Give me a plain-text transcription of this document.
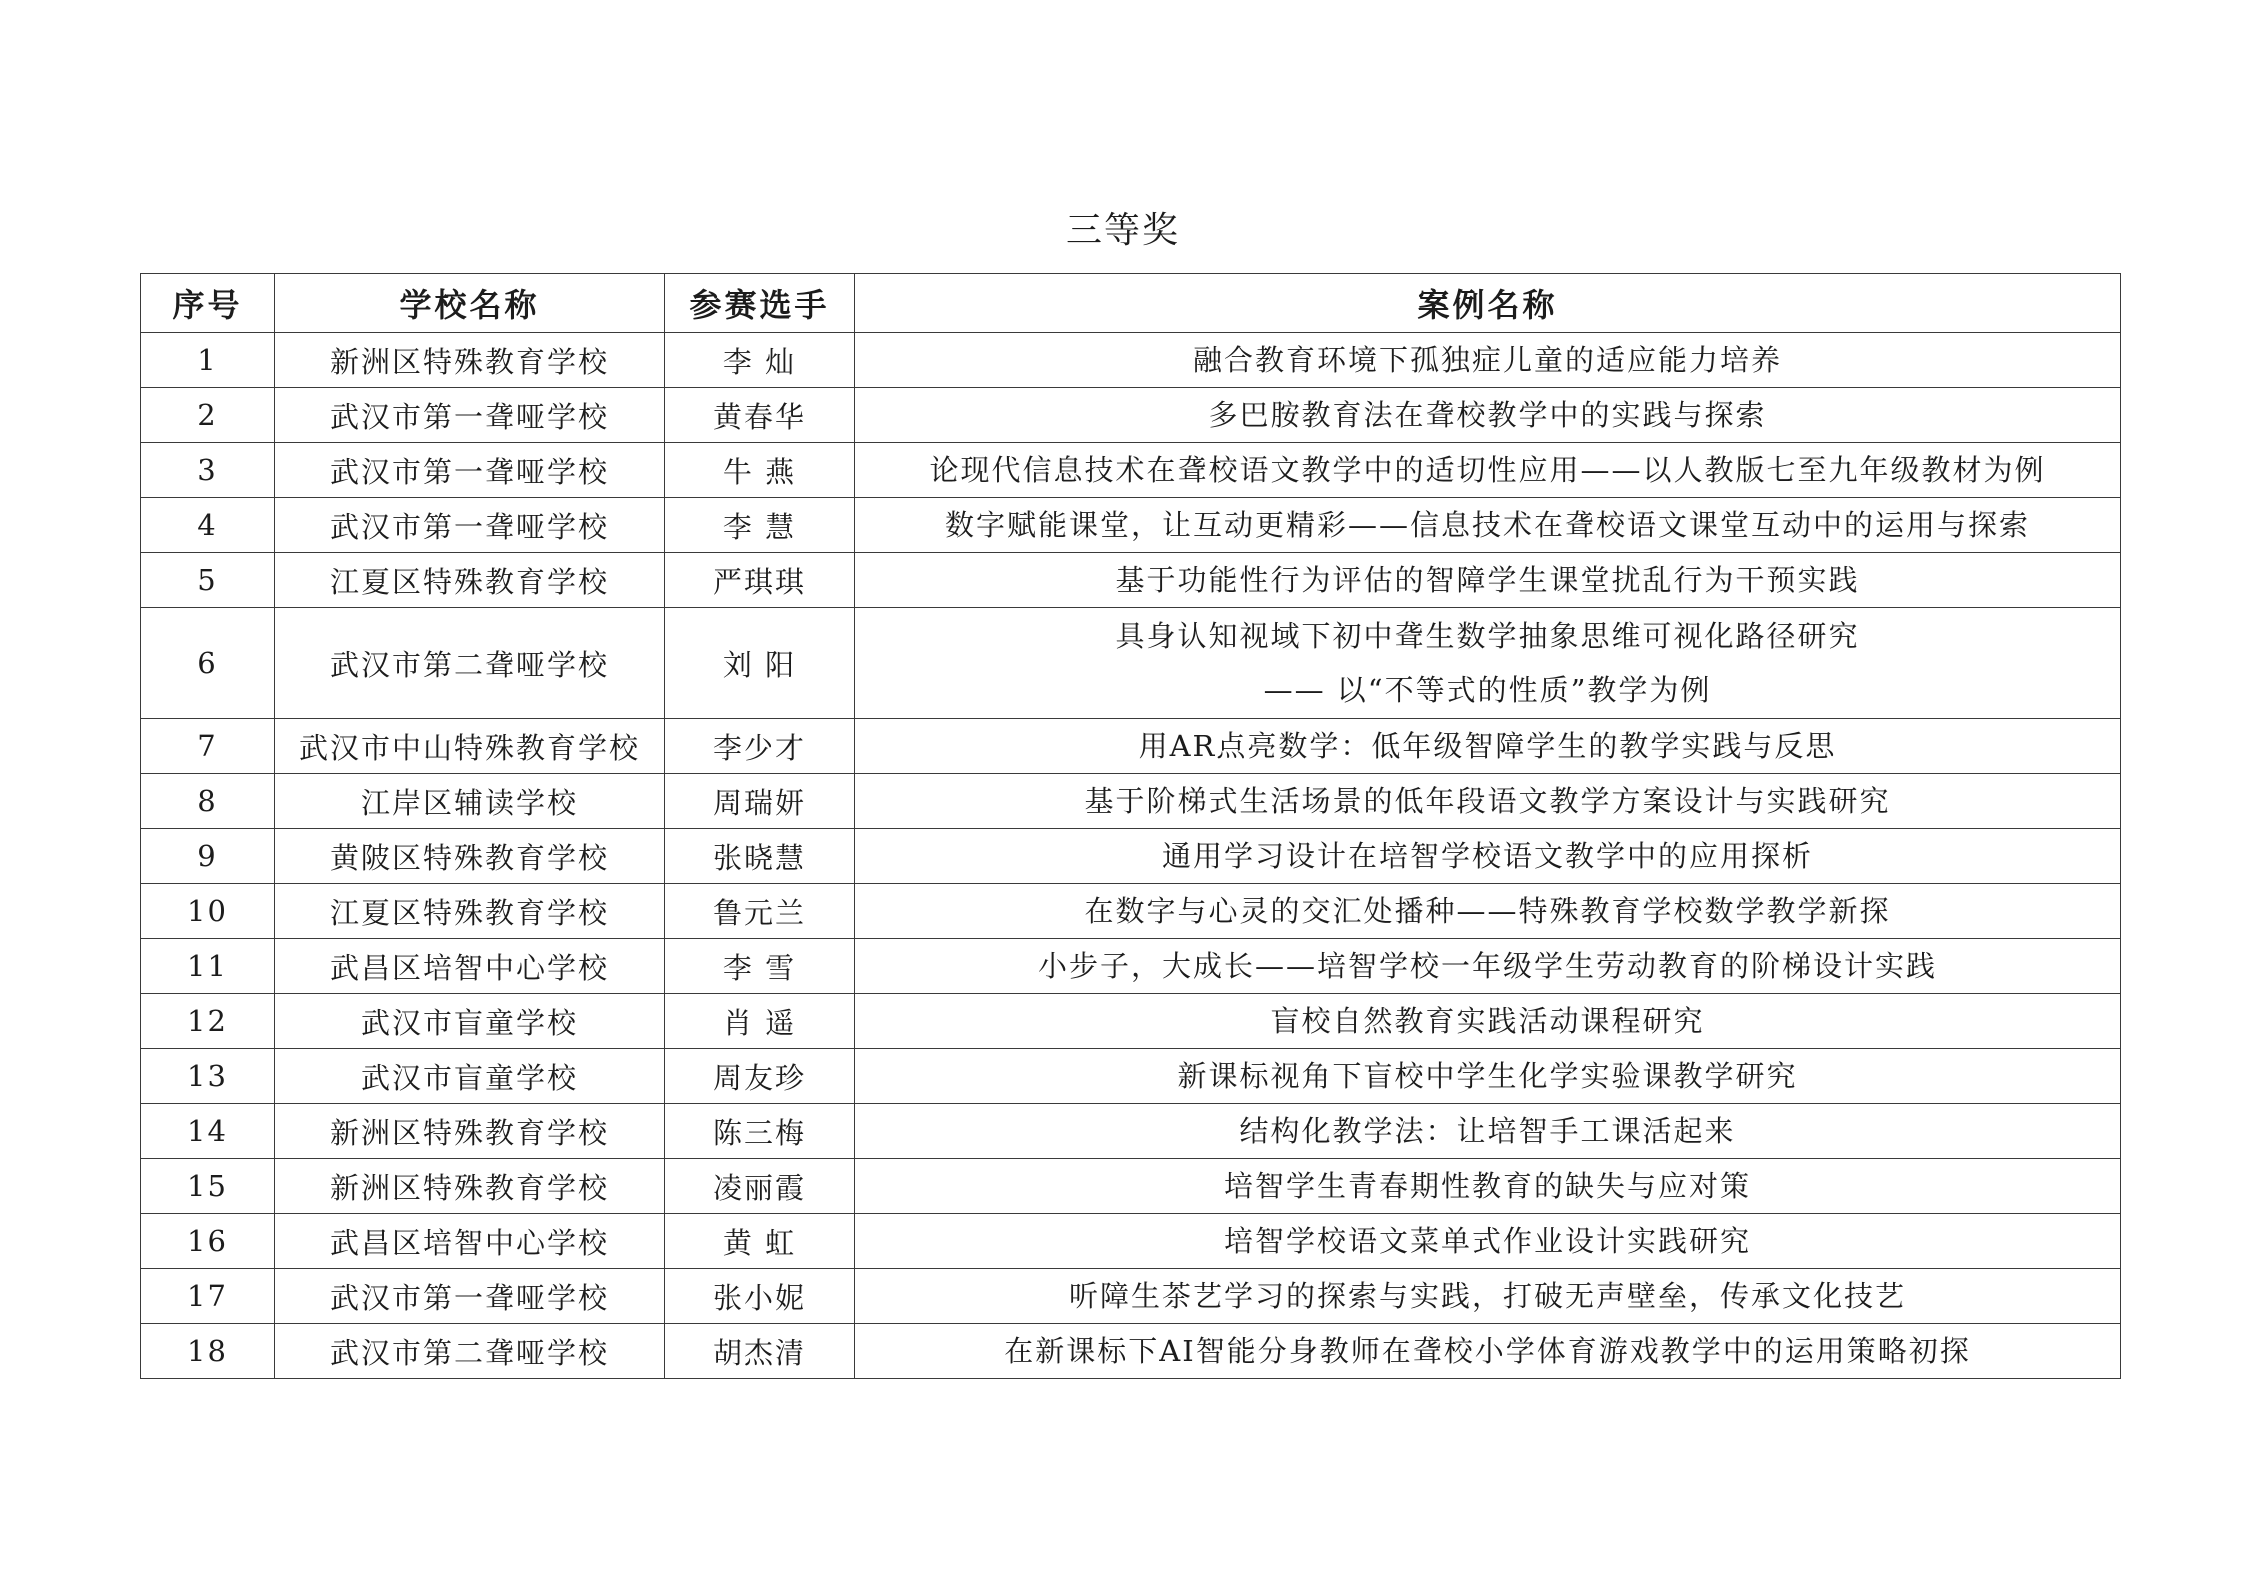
三等奖
序号	学校名称	参赛选手	案例名称
1	新洲区特殊教育学校	李 灿	融合教育环境下孤独症儿童的适应能力培养

2	武汉市第一聋哑学校	黄春华	多巴胺教育法在聋校教学中的实践与探索

3	武汉市第一聋哑学校	牛 燕	论现代信息技术在聋校语文教学中的适切性应用——以人教版七至九年级教材为例

4	武汉市第一聋哑学校	李 慧	数字赋能课堂，让互动更精彩——信息技术在聋校语文课堂互动中的运用与探索

5	江夏区特殊教育学校	严琪琪	基于功能性行为评估的智障学生课堂扰乱行为干预实践

6	武汉市第二聋哑学校	刘 阳	具身认知视域下初中聋生数学抽象思维可视化路径研究
—— 以“不等式的性质”教学为例

7	武汉市中山特殊教育学校	李少才	用AR点亮数学：低年级智障学生的教学实践与反思

8	江岸区辅读学校	周瑞妍	基于阶梯式生活场景的低年段语文教学方案设计与实践研究

9	黄陂区特殊教育学校	张晓慧	通用学习设计在培智学校语文教学中的应用探析

10	江夏区特殊教育学校	鲁元兰	在数字与心灵的交汇处播种——特殊教育学校数学教学新探

11	武昌区培智中心学校	李 雪	小步子，大成长——培智学校一年级学生劳动教育的阶梯设计实践

12	武汉市盲童学校	肖 遥	盲校自然教育实践活动课程研究

13	武汉市盲童学校	周友珍	新课标视角下盲校中学生化学实验课教学研究

14	新洲区特殊教育学校	陈三梅	结构化教学法：让培智手工课活起来

15	新洲区特殊教育学校	凌丽霞	培智学生青春期性教育的缺失与应对策

16	武昌区培智中心学校	黄 虹	培智学校语文菜单式作业设计实践研究

17	武汉市第一聋哑学校	张小妮	听障生茶艺学习的探索与实践，打破无声壁垒，传承文化技艺

18	武汉市第二聋哑学校	胡杰清	在新课标下AI智能分身教师在聋校小学体育游戏教学中的运用策略初探
